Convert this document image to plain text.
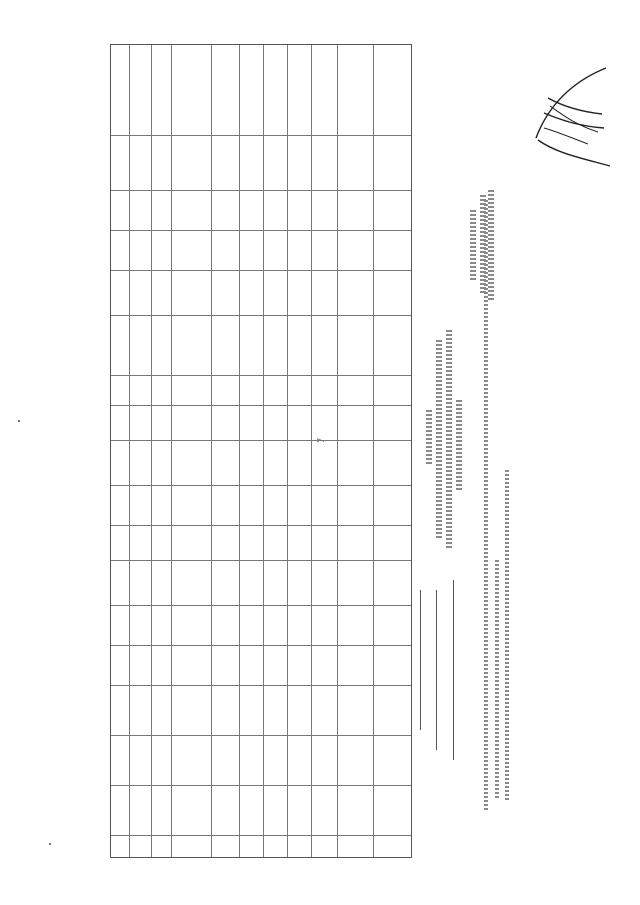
7
